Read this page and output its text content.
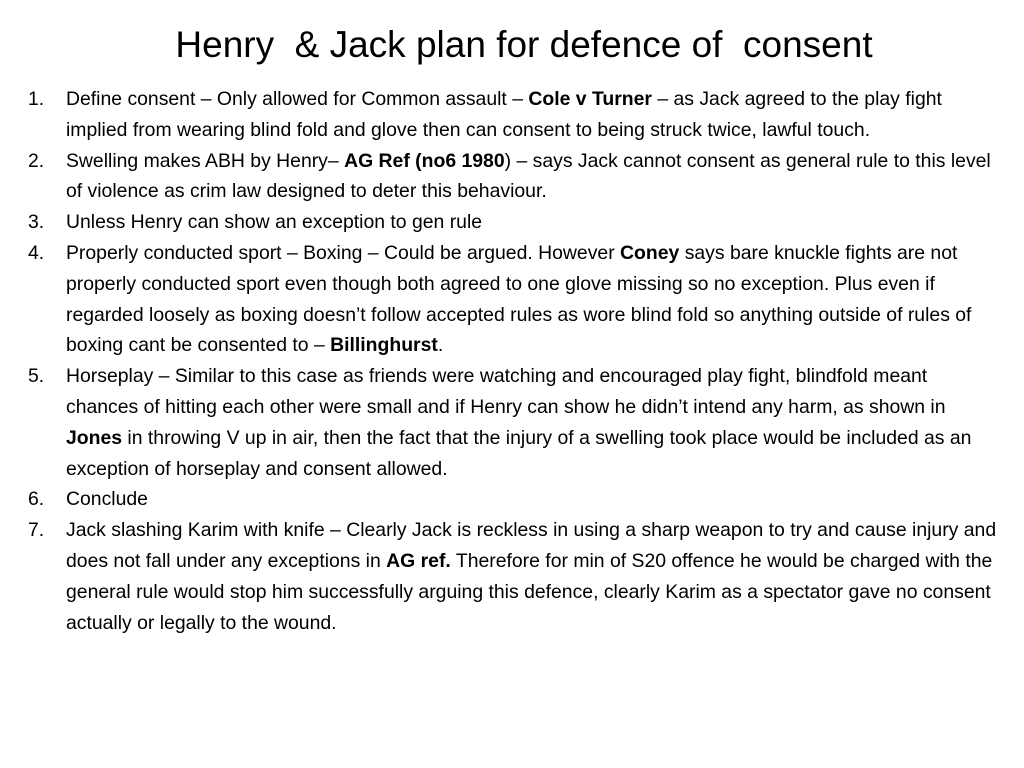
Henry  & Jack plan for defence of  consent
1. Define consent – Only allowed for Common assault – Cole v Turner – as Jack agreed to the play fight implied from wearing blind fold and glove then can consent to being struck twice, lawful touch.
2. Swelling makes ABH by Henry– AG Ref (no6 1980) – says Jack cannot consent as general rule to this level of violence as crim law designed to deter this behaviour.
3. Unless Henry can show an exception to gen rule
4. Properly conducted sport – Boxing – Could be argued. However Coney says bare knuckle fights are not properly conducted sport even though both agreed to one glove missing so no exception. Plus even if regarded loosely as boxing doesn’t follow accepted rules as wore blind fold so anything outside of rules of boxing cant be consented to – Billinghurst.
5. Horseplay – Similar to this case as friends were watching and encouraged play fight, blindfold meant chances of hitting each other were small and if Henry can show he didn’t intend any harm, as shown in Jones in throwing V up in air, then the fact that the injury of a swelling took place would be included as an exception of horseplay and consent allowed.
6. Conclude
7. Jack slashing Karim with knife – Clearly Jack is reckless in using a sharp weapon to try and cause injury and does not fall under any exceptions in AG ref. Therefore for min of S20 offence he would be charged with the general rule would stop him successfully arguing this defence, clearly Karim as a spectator gave no consent actually or legally to the wound.
